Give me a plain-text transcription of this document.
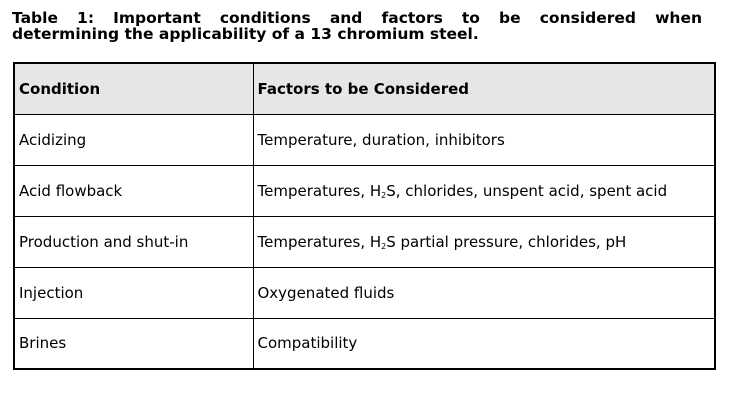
Table 1: Important conditions and factors to be considered when
determining the applicability of a 13 chromium steel.
Condition	Factors to be Considered
Acidizing	Temperature, duration, inhibitors
Acid flowback	Temperatures, $H_2S$, chlorides, unspent acid, spent acid
Production and shut-in	Temperatures, $H_2S$ partial pressure, chlorides, pH
Injection	Oxygenated fluids
Brines	Compatibility
